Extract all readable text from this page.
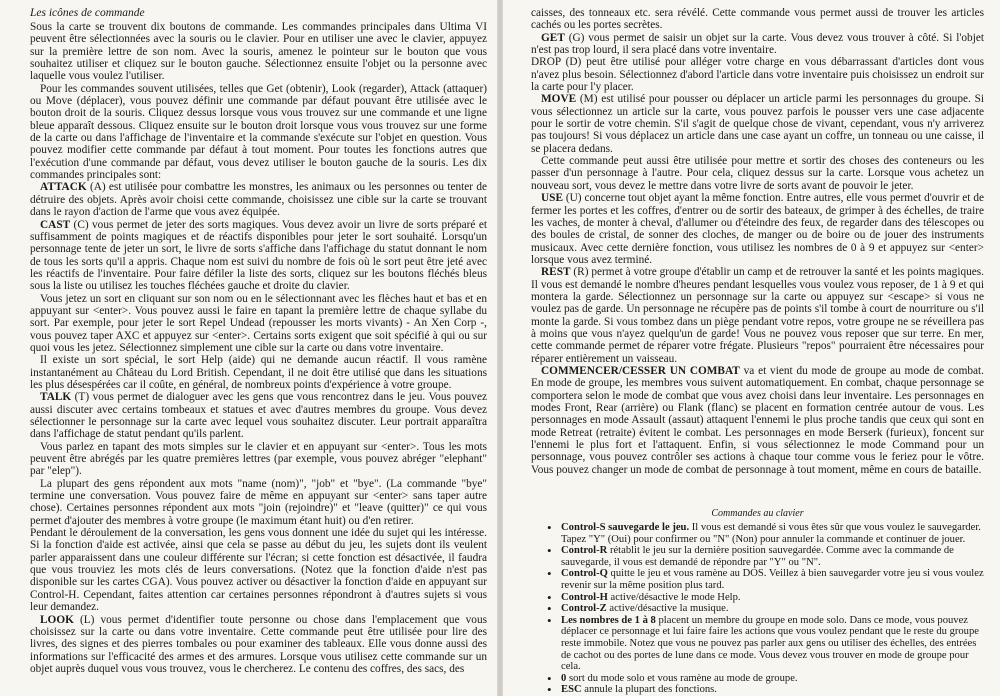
Les icônes de commande

Sous la carte se trouvent dix boutons de commande. Les commandes principales dans Ultima VI peuvent être sélectionnées avec la souris ou le clavier. Pour en utiliser une avec le clavier, appuyez sur la première lettre de son nom. Avec la souris, amenez le pointeur sur le bouton que vous souhaitez utiliser et cliquez sur le bouton gauche. Sélectionnez ensuite l'objet ou la personne avec laquelle vous voulez l'utiliser.

Pour les commandes souvent utilisées, telles que Get (obtenir), Look (regarder), Attack (attaquer) ou Move (déplacer), vous pouvez définir une commande par défaut pouvant être utilisée avec le bouton droit de la souris. Cliquez dessus lorsque vous vous trouvez sur une commande et une ligne bleue apparaît dessous. Cliquez ensuite sur le bouton droit lorsque vous vous trouvez sur une forme de la carte ou dans l'affichage de l'inventaire et la commande s'exécute sur l'objet en question. Vous pouvez modifier cette commande par défaut à tout moment. Pour toutes les fonctions autres que l'exécution d'une commande par défaut, vous devez utiliser le bouton gauche de la souris. Les dix commandes principales sont:

ATTACK (A) est utilisée pour combattre les monstres, les animaux ou les personnes ou tenter de détruire des objets. Après avoir choisi cette commande, choisissez une cible sur la carte se trouvant dans le rayon d'action de l'arme que vous avez équipée.

CAST (C) vous permet de jeter des sorts magiques. Vous devez avoir un livre de sorts préparé et suffisamment de points magiques et de réactifs disponibles pour jeter le sort souhaité. Lorsqu'un personnage tente de jeter un sort, le livre de sorts s'affiche dans l'affichage du statut donnant le nom de tous les sorts qu'il a appris. Chaque nom est suivi du nombre de fois où le sort peut être jeté avec les réactifs de l'inventaire. Pour faire défiler la liste des sorts, cliquez sur les boutons fléchés bleus sous la liste ou utilisez les touches fléchées gauche et droite du clavier.

Vous jetez un sort en cliquant sur son nom ou en le sélectionnant avec les flèches haut et bas et en appuyant sur <enter>. Vous pouvez aussi le faire en tapant la première lettre de chaque syllabe du sort. Par exemple, pour jeter le sort Repel Undead (repousser les morts vivants) - An Xen Corp -, vous pouvez taper AXC et appuyez sur <enter>. Certains sorts exigent que soit spécifié à qui ou sur quoi vous les jetez. Sélectionnez simplement une cible sur la carte ou dans votre inventaire.

Il existe un sort spécial, le sort Help (aide) qui ne demande aucun réactif. Il vous ramène instantanément au Château du Lord British. Cependant, il ne doit être utilisé que dans les situations les plus désespérées car il coûte, en général, de nombreux points d'expérience à votre groupe.

TALK (T) vous permet de dialoguer avec les gens que vous rencontrez dans le jeu. Vous pouvez aussi discuter avec certains tombeaux et statues et avec d'autres membres du groupe. Vous devez sélectionner le personnage sur la carte avec lequel vous souhaitez discuter. Leur portrait apparaîtra dans l'affichage de statut pendant qu'ils parlent.

Vous parlez en tapant des mots simples sur le clavier et en appuyant sur <enter>. Tous les mots peuvent être abrégés par les quatre premières lettres (par exemple, vous pouvez abréger "elephant" par "elep").

La plupart des gens répondent aux mots "name (nom)", "job" et "bye". (La commande "bye" termine une conversation. Vous pouvez faire de même en appuyant sur <enter> sans taper autre chose). Certaines personnes répondent aux mots "join (rejoindre)" et "leave (quitter)" ce qui vous permet d'ajouter des membres à votre groupe (le maximum étant huit) ou d'en retirer.

Pendant le déroulement de la conversation, les gens vous donnent une idée du sujet qui les intéresse. Si la fonction d'aide est activée, ainsi que cela se passe au début du jeu, les sujets dont ils veulent parler apparaissent dans une couleur différente sur l'écran; si cette fonction est désactivée, il faudra que vous trouviez les mots clés de leurs conversations. (Notez que la fonction d'aide n'est pas disponible sur les cartes CGA). Vous pouvez activer ou désactiver la fonction d'aide en appuyant sur Control-H. Cependant, faites attention car certaines personnes répondront à d'autres sujets si vous leur demandez.

LOOK (L) vous permet d'identifier toute personne ou chose dans l'emplacement que vous choisissez sur la carte ou dans votre inventaire. Cette commande peut être utilisée pour lire des livres, des signes et des pierres tombales ou pour examiner des tableaux. Elle vous donne aussi des informations sur l'efficacité des armes et des armures. Lorsque vous utilisez cette commande sur un objet auprès duquel vous vous trouvez, vous le chercherez. Le contenu des coffres, des sacs, des

caisses, des tonneaux etc. sera révélé. Cette commande vous permet aussi de trouver les articles cachés ou les portes secrètes.

GET (G) vous permet de saisir un objet sur la carte. Vous devez vous trouver à côté. Si l'objet n'est pas trop lourd, il sera placé dans votre inventaire.

DROP (D) peut être utilisé pour alléger votre charge en vous débarrassant d'articles dont vous n'avez plus besoin. Sélectionnez d'abord l'article dans votre inventaire puis choisissez un endroit sur la carte pour l'y placer.

MOVE (M) est utilisé pour pousser ou déplacer un article parmi les personnages du groupe. Si vous sélectionnez un article sur la carte, vous pouvez parfois le pousser vers une case adjacente pour le sortir de votre chemin. S'il s'agit de quelque chose de vivant, cependant, vous n'y arriverez pas toujours! Si vous déplacez un article dans une case ayant un coffre, un tonneau ou une caisse, il se placera dedans.

Cette commande peut aussi être utilisée pour mettre et sortir des choses des conteneurs ou les passer d'un personnage à l'autre. Pour cela, cliquez dessus sur la carte. Lorsque vous achetez un nouveau sort, vous devez le mettre dans votre livre de sorts avant de pouvoir le jeter.

USE (U) concerne tout objet ayant la même fonction. Entre autres, elle vous permet d'ouvrir et de fermer les portes et les coffres, d'entrer ou de sortir des bateaux, de grimper à des échelles, de traire les vaches, de monter à cheval, d'allumer ou d'éteindre des feux, de regarder dans des télescopes ou des boules de cristal, de sonner des cloches, de manger ou de boire ou de jouer des instruments musicaux. Avec cette dernière fonction, vous utilisez les nombres de 0 à 9 et appuyez sur <enter> lorsque vous avez terminé.

REST (R) permet à votre groupe d'établir un camp et de retrouver la santé et les points magiques. Il vous est demandé le nombre d'heures pendant lesquelles vous voulez vous reposer, de 1 à 9 et qui montera la garde. Sélectionnez un personnage sur la carte ou appuyez sur <escape> si vous ne voulez pas de garde. Un personnage ne récupère pas de points s'il tombe à court de nourriture ou s'il monte la garde. Si vous tombez dans un piège pendant votre repos, votre groupe ne se réveillera pas à moins que vous n'ayez quelqu'un de garde! Vous ne pouvez vous reposer que sur terre. En mer, cette commande permet de réparer votre frégate. Plusieurs "repos" pourraient être nécessaires pour réparer entièrement un vaisseau.

COMMENCER/CESSER UN COMBAT va et vient du mode de groupe au mode de combat. En mode de groupe, les membres vous suivent automatiquement. En combat, chaque personnage se comportera selon le mode de combat que vous avez choisi dans leur inventaire. Les personnages en modes Front, Rear (arrière) ou Flank (flanc) se placent en formation centrée autour de vous. Les personnages en mode Assault (assaut) attaquent l'ennemi le plus proche tandis que ceux qui sont en mode Retreat (retraite) évitent le combat. Les personnages en mode Berserk (furieux), foncent sur l'ennemi le plus fort et l'attaquent. Enfin, si vous sélectionnez le mode Command pour un personnage, vous pouvez contrôler ses actions à chaque tour comme vous le feriez pour le vôtre. Vous pouvez changer un mode de combat de personnage à tout moment, même en cours de bataille.

Commandes au clavier
• Control-S sauvegarde le jeu. Il vous est demandé si vous êtes sûr que vous voulez le sauvegarder. Tapez "Y" (Oui) pour confirmer ou "N" (Non) pour annuler la commande et continuer de jouer.
• Control-R rétablit le jeu sur la dernière position sauvegardée. Comme avec la commande de sauvegarde, il vous est demandé de répondre par "Y" ou "N".
• Control-Q quitte le jeu et vous ramène au DOS. Veillez à bien sauvegarder votre jeu si vous voulez revenir sur la même position plus tard.
• Control-H active/désactive le mode Help.
• Control-Z active/désactive la musique.
• Les nombres de 1 à 8 placent un membre du groupe en mode solo. Dans ce mode, vous pouvez déplacer ce personnage et lui faire faire les actions que vous voulez pendant que le reste du groupe reste immobile. Notez que vous ne pouvez pas parler aux gens ou utiliser des échelles, des entrées de cachot ou des portes de lune dans ce mode. Vous devez vous trouver en mode de groupe pour cela.
• 0 sort du mode solo et vous ramène au mode de groupe.
• ESC annule la plupart des fonctions.
